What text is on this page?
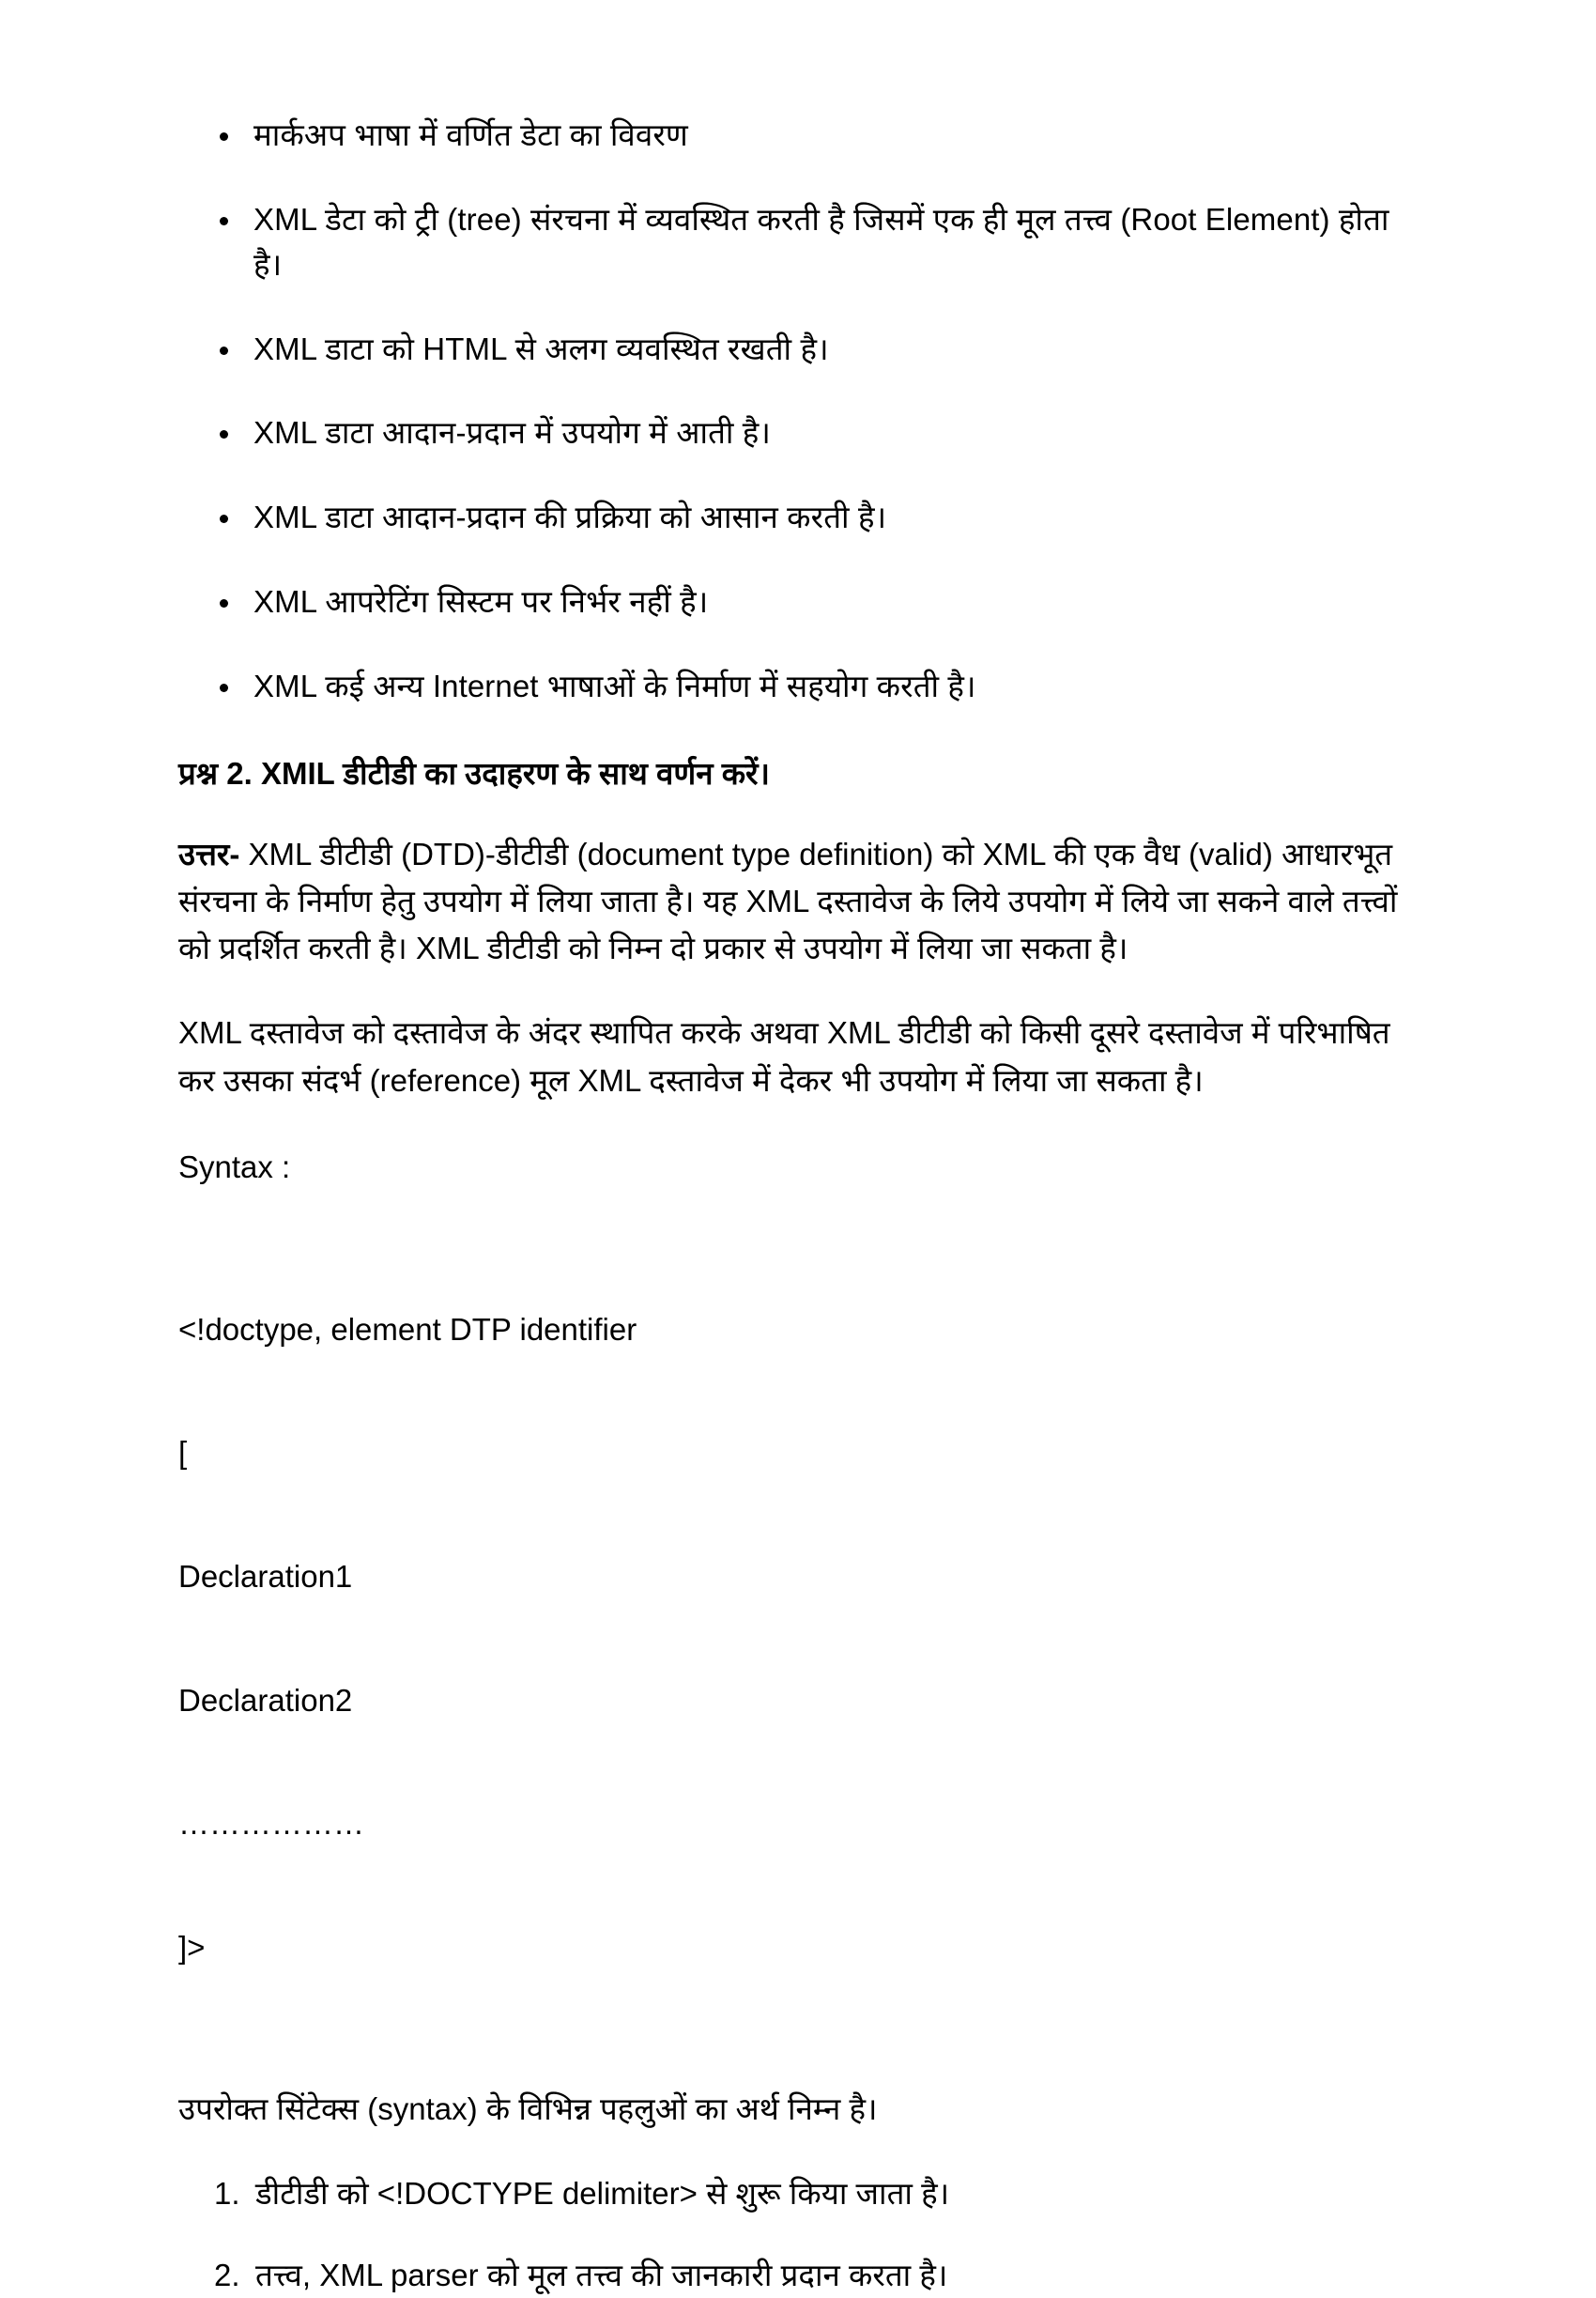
मार्कअप भाषा में वर्णित डेटा का विवरण
XML डेटा को ट्री (tree) संरचना में व्यवस्थित करती है जिसमें एक ही मूल तत्त्व (Root Element) होता है।
XML डाटा को HTML से अलग व्यवस्थित रखती है।
XML डाटा आदान-प्रदान में उपयोग में आती है।
XML डाटा आदान-प्रदान की प्रक्रिया को आसान करती है।
XML आपरेटिंग सिस्टम पर निर्भर नहीं है।
XML कई अन्य Internet भाषाओं के निर्माण में सहयोग करती है।

प्रश्न 2. XMIL डीटीडी का उदाहरण के साथ वर्णन करें।

उत्तर- XML डीटीडी (DTD)-डीटीडी (document type definition) को XML की एक वैध (valid) आधारभूत संरचना के निर्माण हेतु उपयोग में लिया जाता है। यह XML दस्तावेज के लिये उपयोग में लिये जा सकने वाले तत्त्वों को प्रदर्शित करती है। XML डीटीडी को निम्न दो प्रकार से उपयोग में लिया जा सकता है।

XML दस्तावेज को दस्तावेज के अंदर स्थापित करके अथवा XML डीटीडी को किसी दूसरे दस्तावेज में परिभाषित कर उसका संदर्भ (reference) मूल XML दस्तावेज में देकर भी उपयोग में लिया जा सकता है।

Syntax :

<!doctype, element DTP identifier

[

Declaration1

Declaration2

………………

]>

उपरोक्त सिंटेक्स (syntax) के विभिन्न पहलुओं का अर्थ निम्न है।

1. डीटीडी को <!DOCTYPE delimiter> से शुरू किया जाता है।
2. तत्त्व, XML parser को मूल तत्त्व की जानकारी प्रदान करता है।
